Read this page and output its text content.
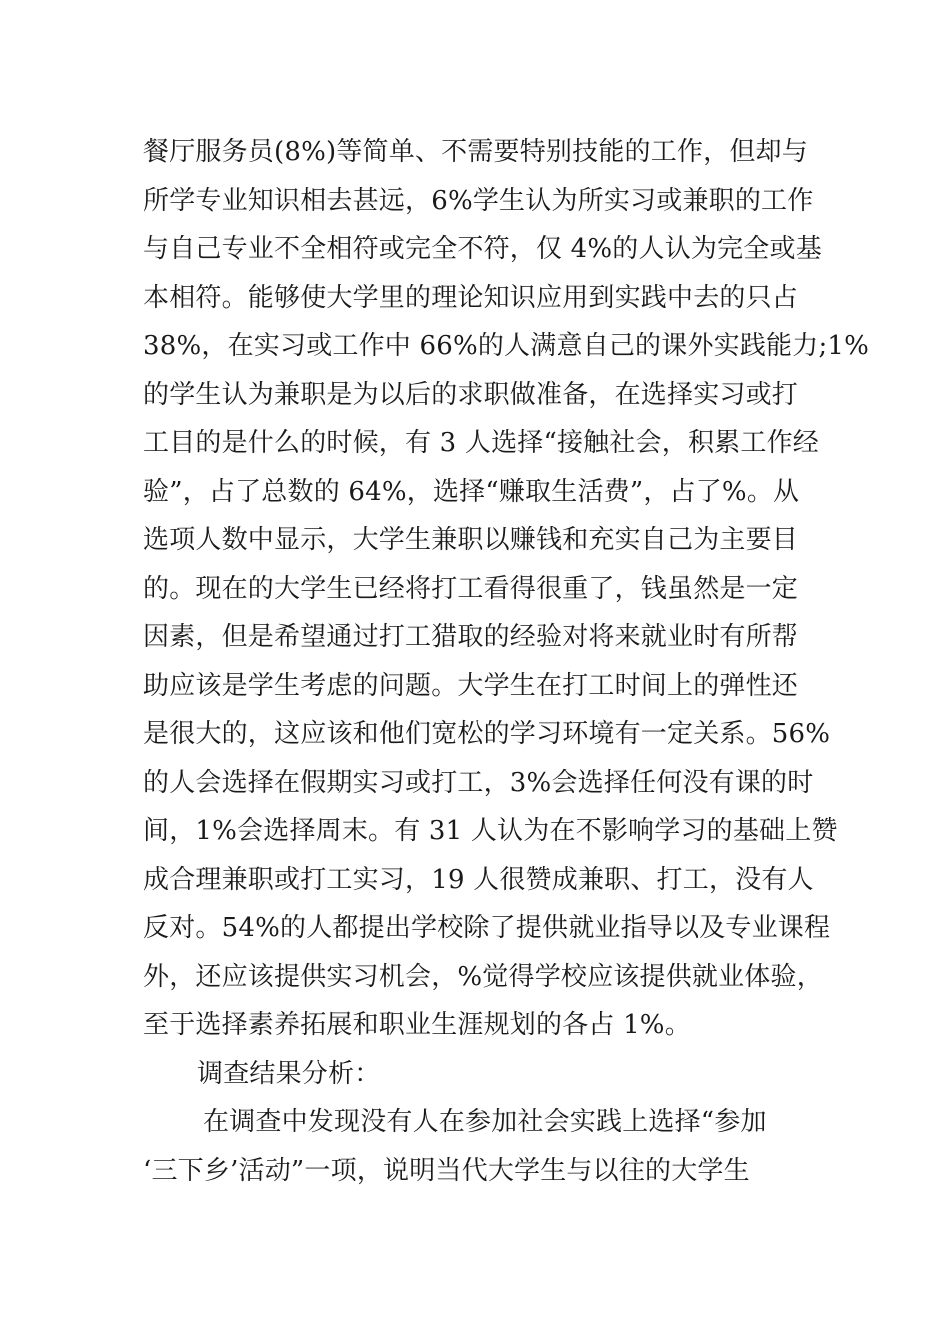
餐厅服务员(8%)等简单、不需要特别技能的工作，但却与
所学专业知识相去甚远，6%学生认为所实习或兼职的工作
与自己专业不全相符或完全不符，仅 4%的人认为完全或基
本相符。能够使大学里的理论知识应用到实践中去的只占
38%，在实习或工作中 66%的人满意自己的课外实践能力;1%
的学生认为兼职是为以后的求职做准备，在选择实习或打
工目的是什么的时候，有 3 人选择“接触社会，积累工作经
验”，占了总数的 64%，选择“赚取生活费”，占了%。从
选项人数中显示，大学生兼职以赚钱和充实自己为主要目
的。现在的大学生已经将打工看得很重了，钱虽然是一定
因素，但是希望通过打工猎取的经验对将来就业时有所帮
助应该是学生考虑的问题。大学生在打工时间上的弹性还
是很大的，这应该和他们宽松的学习环境有一定关系。56%
的人会选择在假期实习或打工，3%会选择任何没有课的时
间，1%会选择周末。有 31 人认为在不影响学习的基础上赞
成合理兼职或打工实习，19 人很赞成兼职、打工，没有人
反对。54%的人都提出学校除了提供就业指导以及专业课程
外，还应该提供实习机会，%觉得学校应该提供就业体验，
至于选择素养拓展和职业生涯规划的各占 1%。
调查结果分析：
在调查中发现没有人在参加社会实践上选择“参加
‘三下乡’活动”一项，说明当代大学生与以往的大学生
